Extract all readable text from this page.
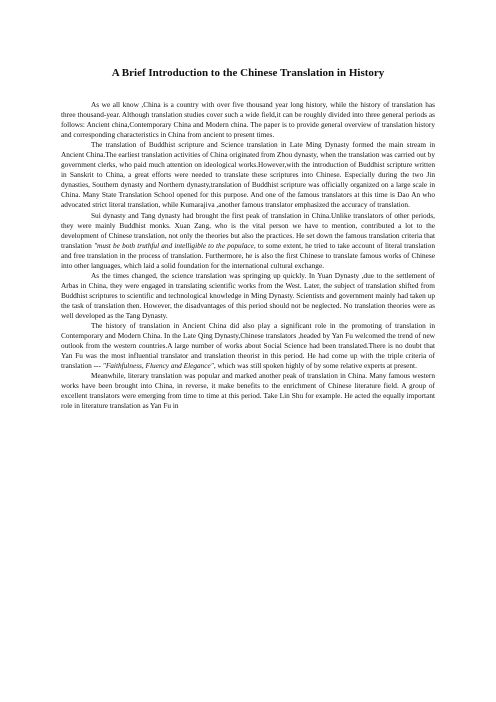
A Brief Introduction to the Chinese Translation in History

As we all know ,China is a country with over five thousand year long history, while the history of translation has three thousand-year. Although translation studies cover such a wide field,it can be roughly divided into three general periods as follows: Ancient china,Contemporary China and Modern china. The paper is to provide general overview of translation history and corresponding characteristics in China from ancient to present times.

The translation of Buddhist scripture and Science translation in Late Ming Dynasty formed the main stream in Ancient China.The earliest translation activities of China originated from Zhou dynasty, when the translation was carried out by government clerks, who paid much attention on ideological works.However,with the introduction of Buddhist scripture written in Sanskrit to China, a great efforts were needed to translate these scriptures into Chinese. Especially during the two Jin dynasties, Southern dynasty and Northern dynasty,translation of Buddhist scripture was officially organized on a large scale in China. Many State Translation School opened for this purpose. And one of the famous translators at this time is Dao An who advocated strict literal translation, while Kumarajiva ,another famous translator emphasized the accuracy of translation.

Sui dynasty and Tang dynasty had brought the first peak of translation in China.Unlike translators of other periods, they were mainly Buddhist monks. Xuan Zang, who is the vital person we have to mention, contributed a lot to the development of Chinese translation, not only the theories but also the practices. He set down the famous translation criteria that translation "must be both truthful and intelligible to the populace, to some extent, he tried to take account of literal translation and free translation in the process of translation. Furthermore, he is also the first Chinese to translate famous works of Chinese into other languages, which laid a solid foundation for the international cultural exchange.

As the times changed, the science translation was springing up quickly. In Yuan Dynasty ,due to the settlement of Arbas in China, they were engaged in translating scientific works from the West. Later, the subject of translation shifted from Buddhist scriptures to scientific and technological knowledge in Ming Dynasty. Scientists and government mainly had taken up the task of translation then. However, the disadvantages of this period should not be neglected. No translation theories were as well developed as the Tang Dynasty.

The history of translation in Ancient China did also play a significant role in the promoting of translation in Contemporary and Modern China. In the Late Qing Dynasty,Chinese translators ,headed by Yan Fu welcomed the trend of new outlook from the western countries.A large number of works about Social Science had been translated.There is no doubt that Yan Fu was the most influential translator and translation theorist in this period. He had come up with the triple criteria of translation --- "Faithfulness, Fluency and Elegance", which was still spoken highly of by some relative experts at present.

Meanwhile, literary translation was popular and marked another peak of translation in China. Many famous western works have been brought into China, in reverse, it make benefits to the enrichment of Chinese literature field. A group of excellent translators were emerging from time to time at this period. Take Lin Shu for example. He acted the equally important role in literature translation as Yan Fu in
